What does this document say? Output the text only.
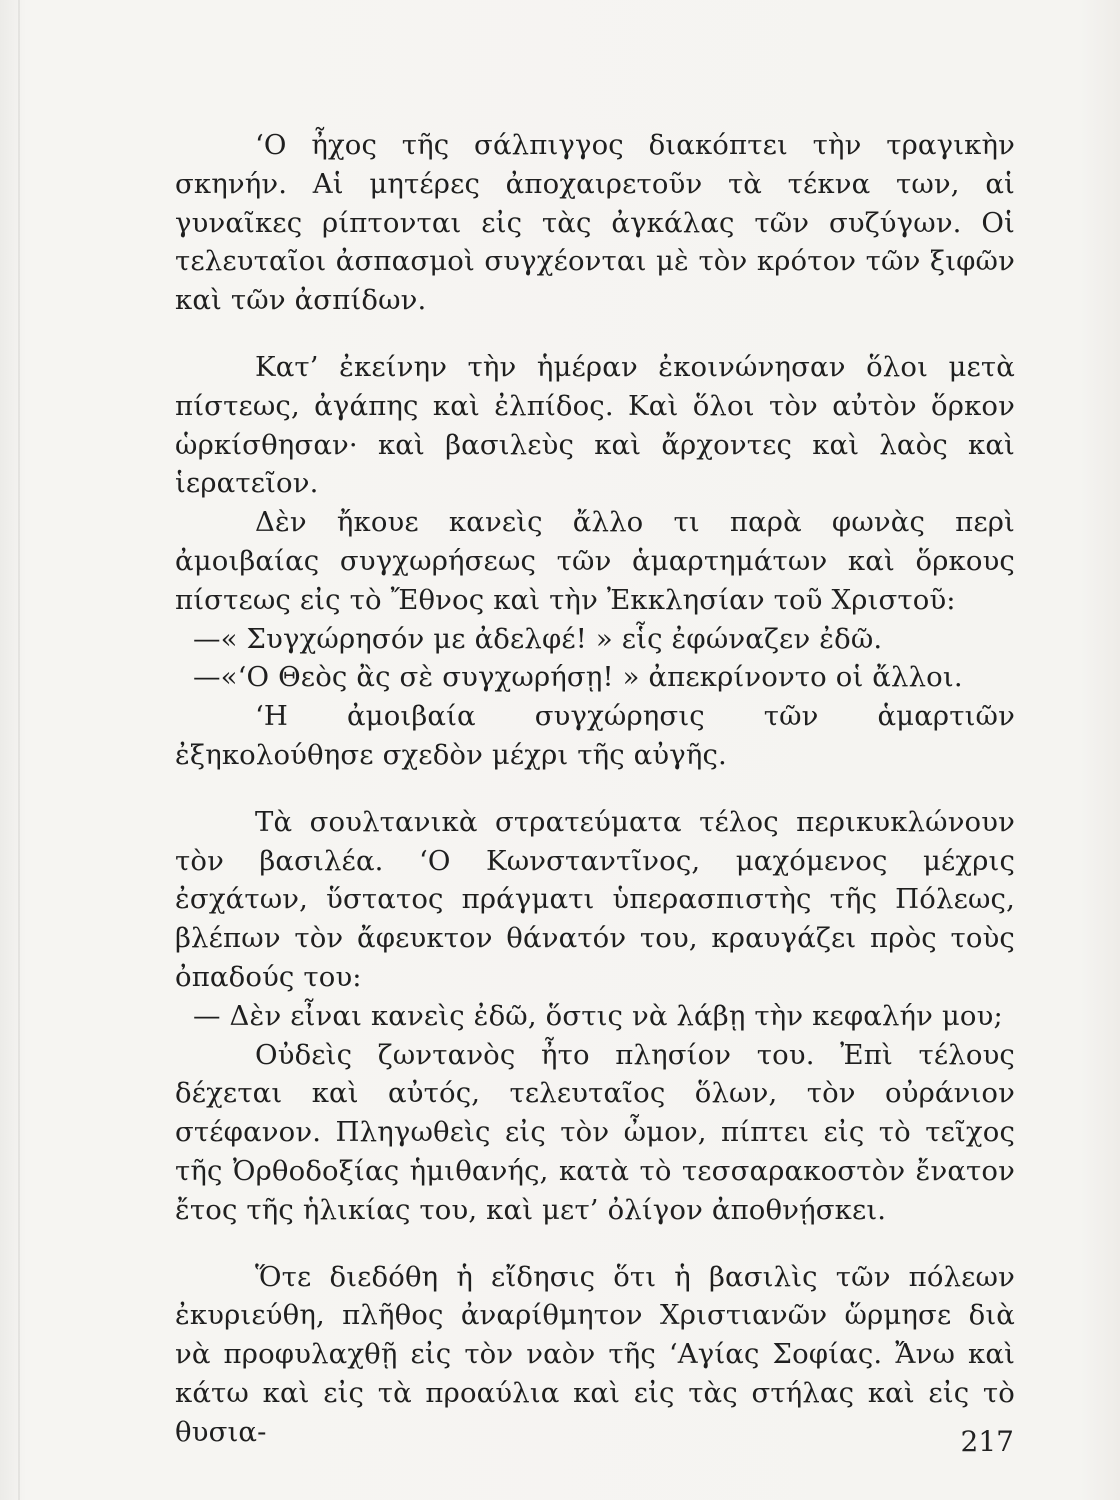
‘Ο ἦχος τῆς σάλπιγγος διακόπτει τὴν τραγικὴν σκηνήν. Αἱ μητέρες ἀποχαιρετοῦν τὰ τέκνα των, αἱ γυναῖκες ρίπτονται εἰς τὰς ἀγκάλας τῶν συζύγων. Οἱ τελευταῖοι ἀσπασμοὶ συγχέονται μὲ τὸν κρότον τῶν ξιφῶν καὶ τῶν ἀσπίδων.

Κατ’ ἐκείνην τὴν ἡμέραν ἐκοινώνησαν ὅλοι μετὰ πίστεως, ἀγάπης καὶ ἐλπίδος. Καὶ ὅλοι τὸν αὐτὸν ὅρκον ὡρκίσθησαν· καὶ βασιλεὺς καὶ ἄρχοντες καὶ λαὸς καὶ ἱερατεῖον.

Δὲν ἤκουε κανεὶς ἄλλο τι παρὰ φωνὰς περὶ ἀμοιβαίας συγχωρήσεως τῶν ἁμαρτημάτων καὶ ὅρκους πίστεως εἰς τὸ Ἔθνος καὶ τὴν Ἐκκλησίαν τοῦ Χριστοῦ:

—« Συγχώρησόν με ἀδελφέ! » εἷς ἐφώναζεν ἐδῶ.

—«‘Ο Θεὸς ἂς σὲ συγχωρήσῃ! » ἀπεκρίνοντο οἱ ἄλλοι.

‘Η ἀμοιβαία συγχώρησις τῶν ἁμαρτιῶν ἐξηκολούθησε σχεδὸν μέχρι τῆς αὐγῆς.

Τὰ σουλτανικὰ στρατεύματα τέλος περικυκλώνουν τὸν βασιλέα. ‘Ο Κωνσταντῖνος, μαχόμενος μέχρις ἐσχάτων, ὕστατος πράγματι ὑπερασπιστὴς τῆς Πόλεως, βλέπων τὸν ἄφευκτον θάνατόν του, κραυγάζει πρὸς τοὺς ὀπαδούς του:

— Δὲν εἶναι κανεὶς ἐδῶ, ὅστις νὰ λάβῃ τὴν κεφαλήν μου;

Οὐδεὶς ζωντανὸς ἦτο πλησίον του. Ἐπὶ τέλους δέχεται καὶ αὐτός, τελευταῖος ὅλων, τὸν οὐράνιον στέφανον. Πληγωθεὶς εἰς τὸν ὦμον, πίπτει εἰς τὸ τεῖχος τῆς Ὀρθοδοξίας ἡμιθανής, κατὰ τὸ τεσσαρακοστὸν ἔνατον ἔτος τῆς ἡλικίας του, καὶ μετ’ ὀλίγον ἀποθνῄσκει.

Ὅτε διεδόθη ἡ εἴδησις ὅτι ἡ βασιλὶς τῶν πόλεων ἐκυριεύθη, πλῆθος ἀναρίθμητον Χριστιανῶν ὥρμησε διὰ νὰ προφυλαχθῇ εἰς τὸν ναὸν τῆς ‘Αγίας Σοφίας. Ἄνω καὶ κάτω καὶ εἰς τὰ προαύλια καὶ εἰς τὰς στήλας καὶ εἰς τὸ θυσια-	217
